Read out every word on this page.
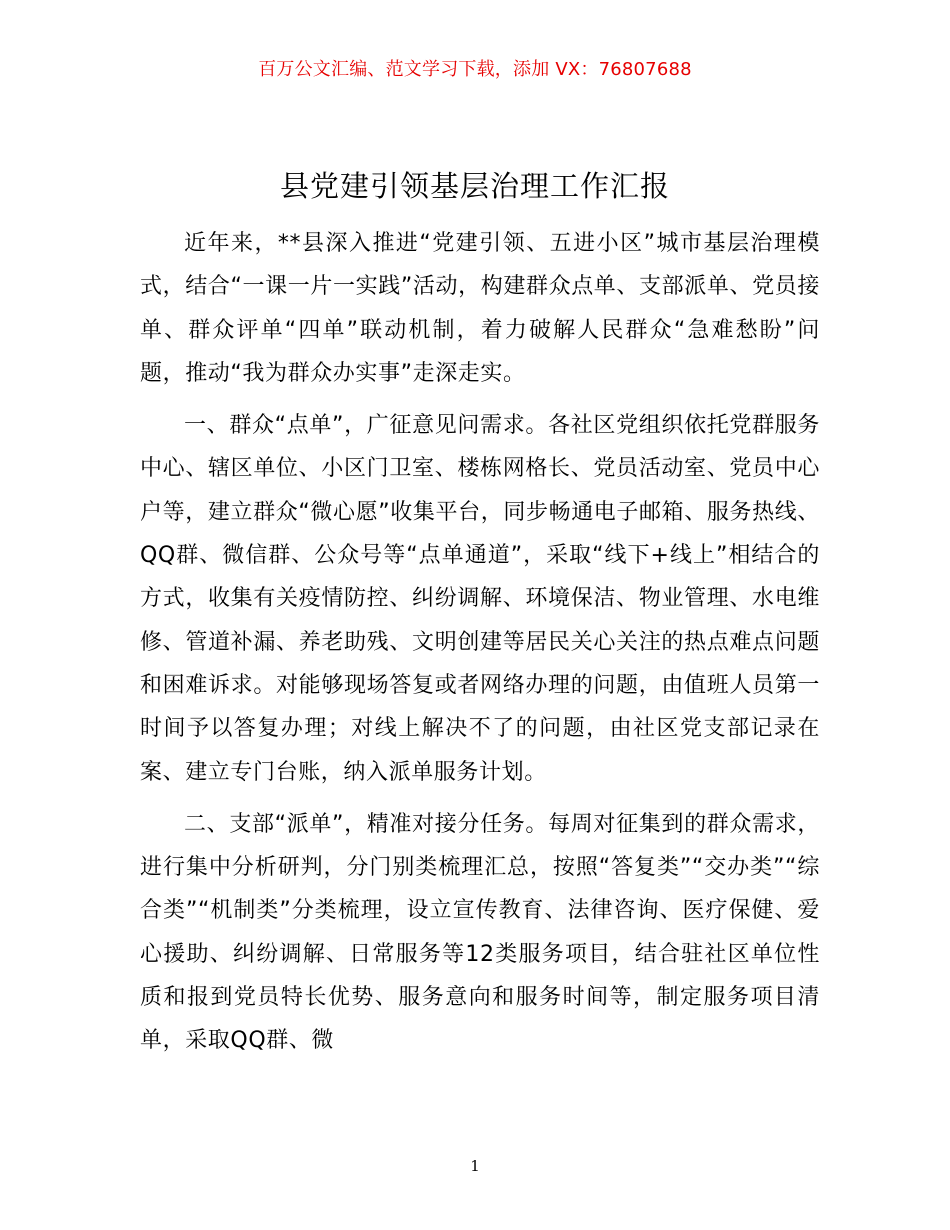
百万公文汇编、范文学习下载，添加 VX：76807688
县党建引领基层治理工作汇报

近年来，**县深入推进“党建引领、五进小区”城市基层治理模式，结合“一课一片一实践”活动，构建群众点单、支部派单、党员接单、群众评单“四单”联动机制，着力破解人民群众“急难愁盼”问题，推动“我为群众办实事”走深走实。

一、群众“点单”，广征意见问需求。各社区党组织依托党群服务中心、辖区单位、小区门卫室、楼栋网格长、党员活动室、党员中心户等，建立群众“微心愿”收集平台，同步畅通电子邮箱、服务热线、QQ群、微信群、公众号等“点单通道”，采取“线下+线上”相结合的方式，收集有关疫情防控、纠纷调解、环境保洁、物业管理、水电维修、管道补漏、养老助残、文明创建等居民关心关注的热点难点问题和困难诉求。对能够现场答复或者网络办理的问题，由值班人员第一时间予以答复办理；对线上解决不了的问题，由社区党支部记录在案、建立专门台账，纳入派单服务计划。

二、支部“派单”，精准对接分任务。每周对征集到的群众需求，进行集中分析研判，分门别类梳理汇总，按照“答复类”“交办类”“综合类”“机制类”分类梳理，设立宣传教育、法律咨询、医疗保健、爱心援助、纠纷调解、日常服务等12类服务项目，结合驻社区单位性质和报到党员特长优势、服务意向和服务时间等，制定服务项目清单，采取QQ群、微

1
